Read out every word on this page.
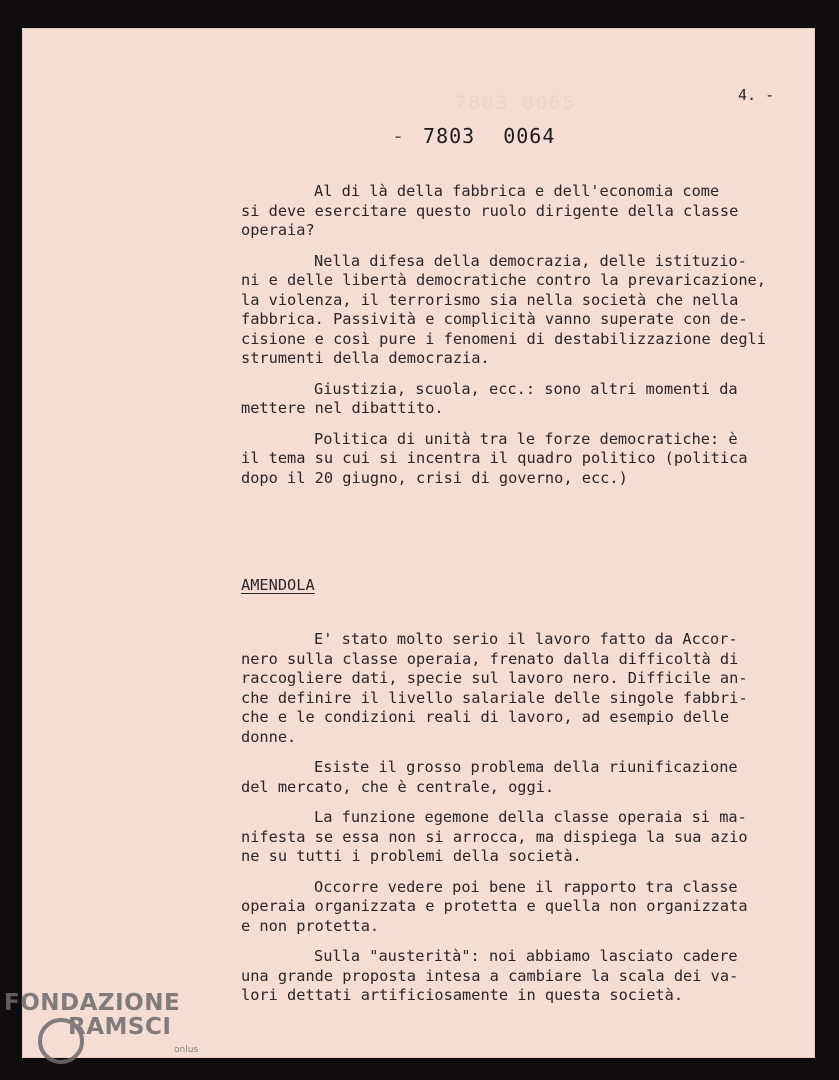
7803 0065	4. -
- 7803 0064

Al di là della fabbrica e dell'economia come
si deve esercitare questo ruolo dirigente della classe
operaia?

Nella difesa della democrazia, delle istituzio-
ni e delle libertà democratiche contro la prevaricazione,
la violenza, il terrorismo sia nella società che nella
fabbrica. Passività e complicità vanno superate con de-
cisione e così pure i fenomeni di destabilizzazione degli
strumenti della democrazia.

Giustizia, scuola, ecc.: sono altri momenti da
mettere nel dibattito.

Politica di unità tra le forze democratiche: è
il tema su cui si incentra il quadro politico (politica
dopo il 20 giugno, crisi di governo, ecc.)

AMENDOLA

E' stato molto serio il lavoro fatto da Accor-
nero sulla classe operaia, frenato dalla difficoltà di
raccogliere dati, specie sul lavoro nero. Difficile an-
che definire il livello salariale delle singole fabbri-
che e le condizioni reali di lavoro, ad esempio delle
donne.

Esiste il grosso problema della riunificazione
del mercato, che è centrale, oggi.

La funzione egemone della classe operaia si ma-
nifesta se essa non si arrocca, ma dispiega la sua azio
ne su tutti i problemi della società.

Occorre vedere poi bene il rapporto tra classe
operaia organizzata e protetta e quella non organizzata
e non protetta.

Sulla "austerità": noi abbiamo lasciato cadere
una grande proposta intesa a cambiare la scala dei va-
lori dettati artificiosamente in questa società.

FONDAZIONE
RAMSCI
onlus
